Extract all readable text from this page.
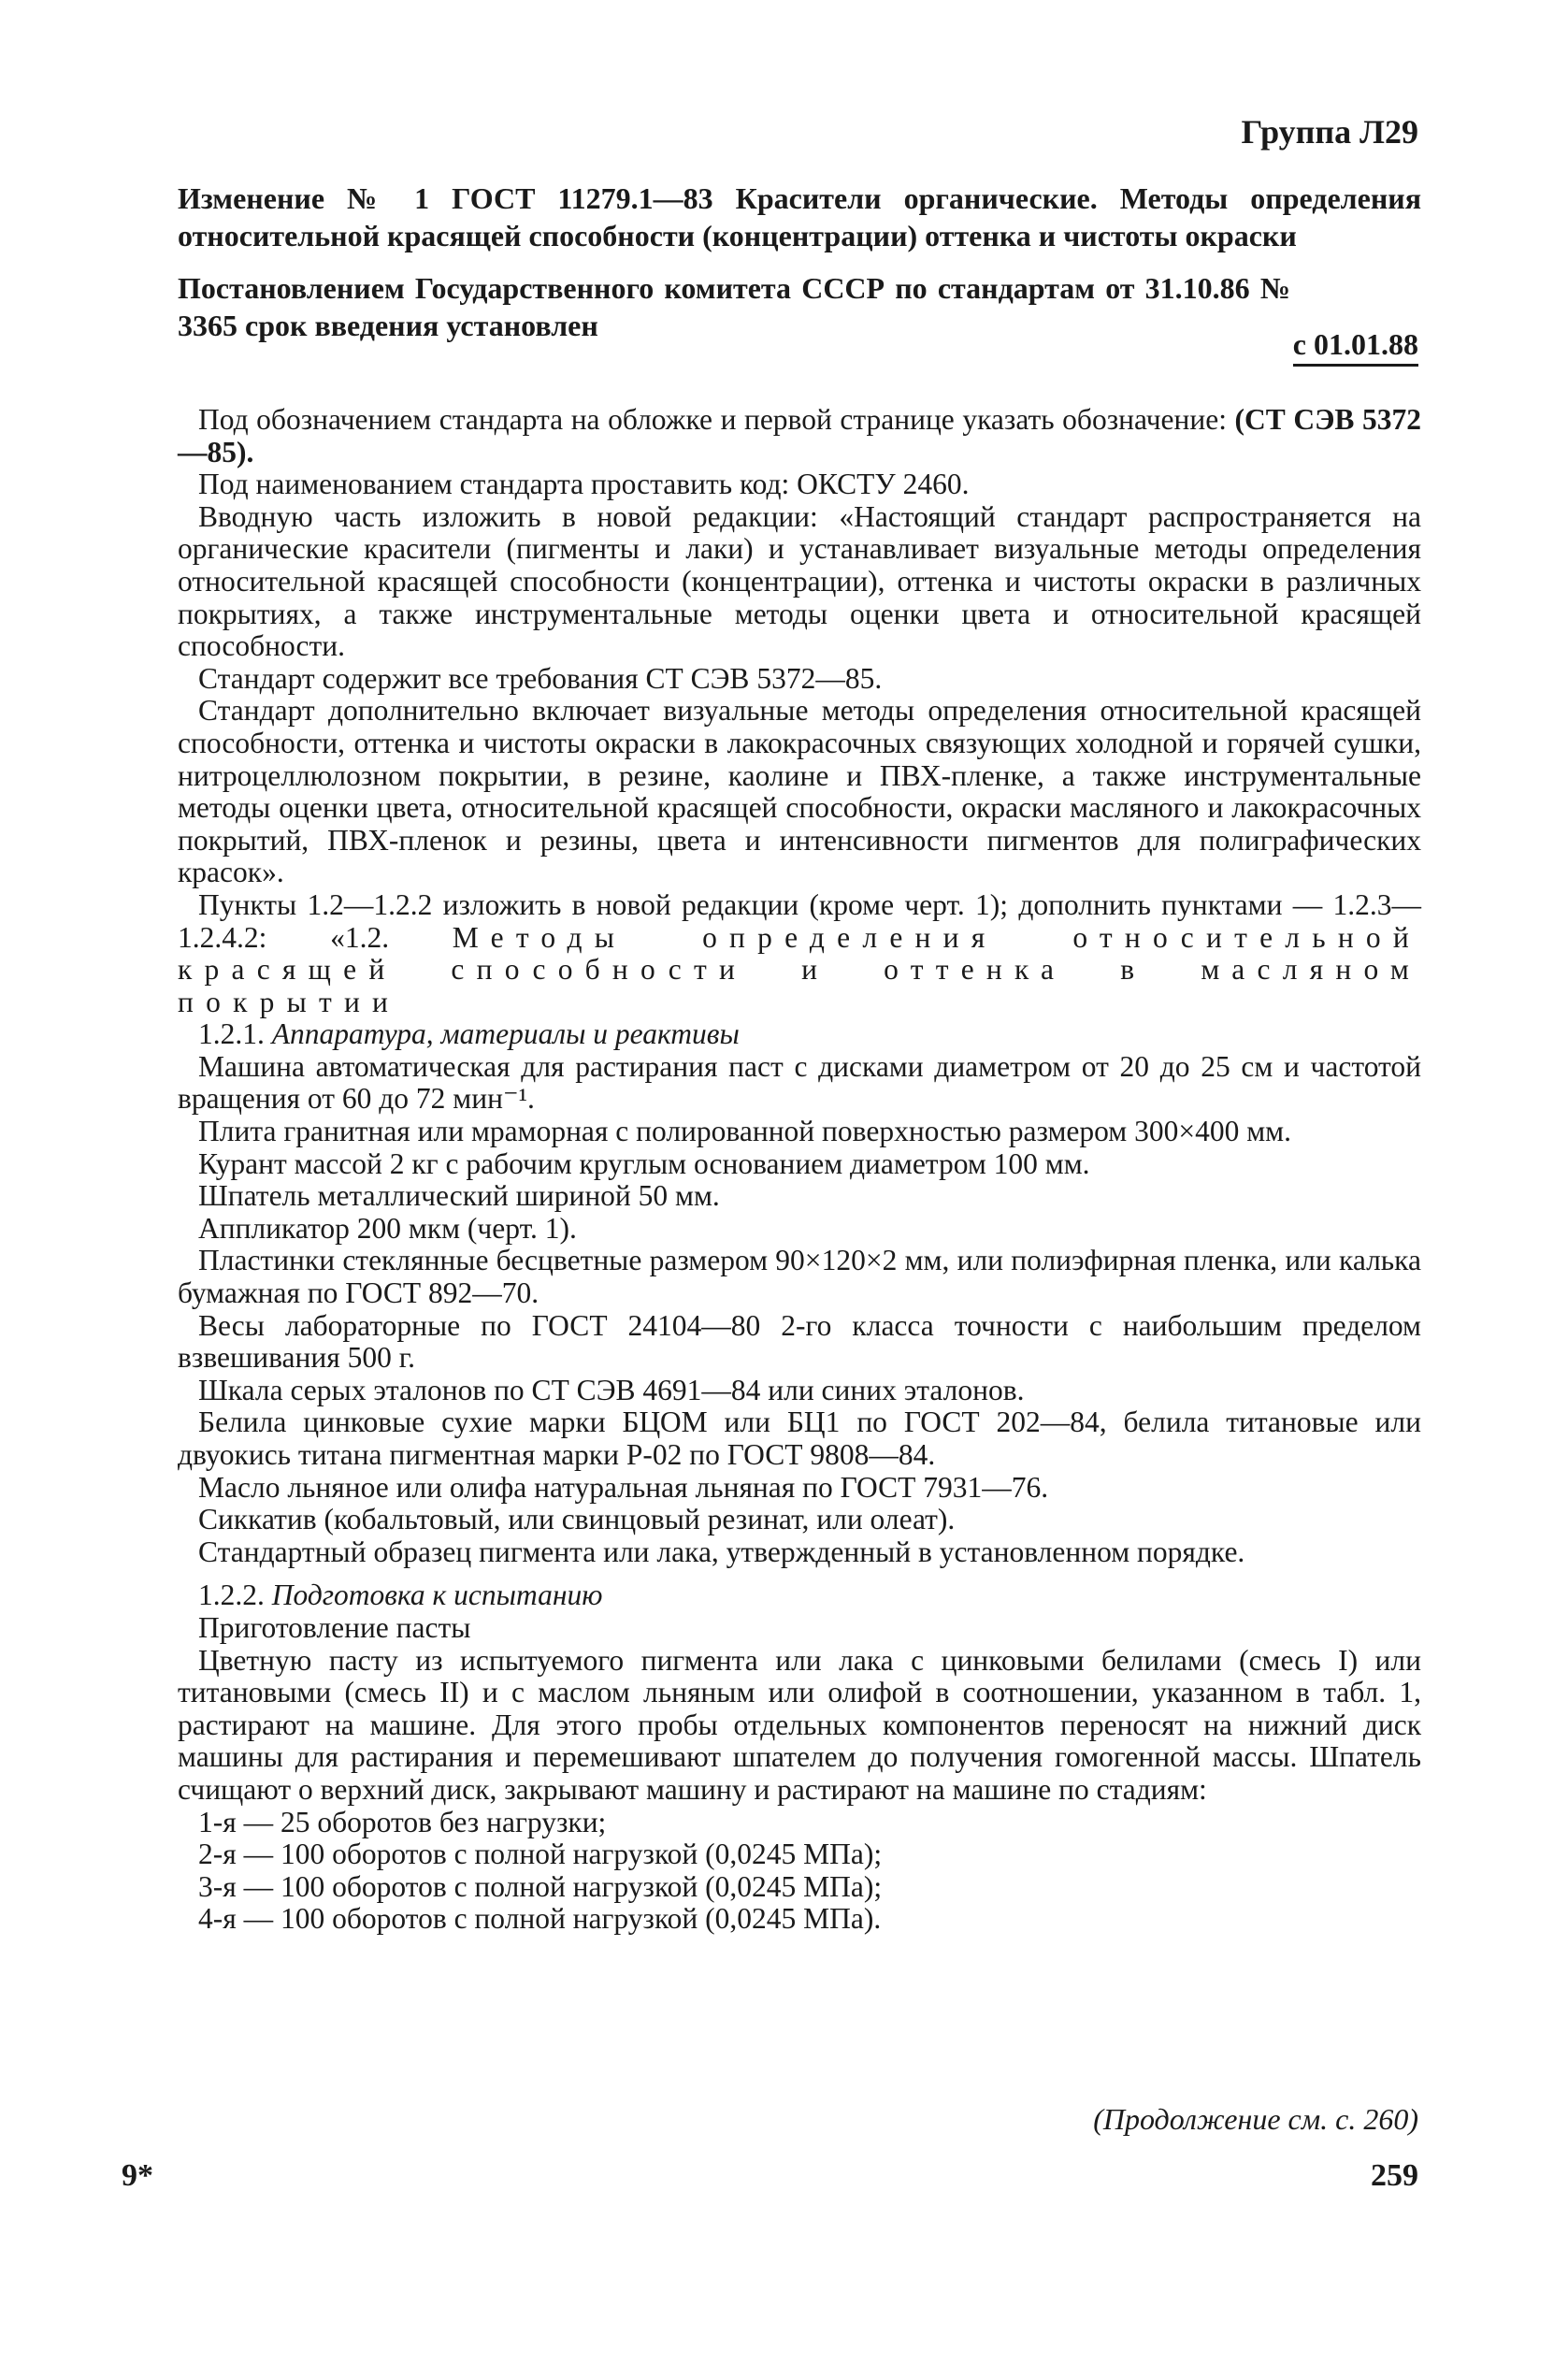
Группа Л29
Изменение № 1 ГОСТ 11279.1—83 Красители органические. Методы определения относительной красящей способности (концентрации) оттенка и чистоты окраски
Постановлением Государственного комитета СССР по стандартам от 31.10.86 № 3365 срок введения установлен
с 01.01.88

Под обозначением стандарта на обложке и первой странице указать обозначение: (СТ СЭВ 5372—85).

Под наименованием стандарта проставить код: ОКСТУ 2460.

Вводную часть изложить в новой редакции: «Настоящий стандарт распространяется на органические красители (пигменты и лаки) и устанавливает визуальные методы определения относительной красящей способности (концентрации), оттенка и чистоты окраски в различных покрытиях, а также инструментальные методы оценки цвета и относительной красящей способности.

Стандарт содержит все требования СТ СЭВ 5372—85.

Стандарт дополнительно включает визуальные методы определения относительной красящей способности, оттенка и чистоты окраски в лакокрасочных связующих холодной и горячей сушки, нитроцеллюлозном покрытии, в резине, каолине и ПВХ-пленке, а также инструментальные методы оценки цвета, относительной красящей способности, окраски масляного и лакокрасочных покрытий, ПВХ-пленок и резины, цвета и интенсивности пигментов для полиграфических красок».

Пункты 1.2—1.2.2 изложить в новой редакции (кроме черт. 1); дополнить пунктами — 1.2.3—1.2.4.2: «1.2. Методы определения относительной красящей способности и оттенка в масляном покрытии

1.2.1. Аппаратура, материалы и реактивы

Машина автоматическая для растирания паст с дисками диаметром от 20 до 25 см и частотой вращения от 60 до 72 мин⁻¹.

Плита гранитная или мраморная с полированной поверхностью размером 300×400 мм.

Курант массой 2 кг с рабочим круглым основанием диаметром 100 мм.

Шпатель металлический шириной 50 мм.

Аппликатор 200 мкм (черт. 1).

Пластинки стеклянные бесцветные размером 90×120×2 мм, или полиэфирная пленка, или калька бумажная по ГОСТ 892—70.

Весы лабораторные по ГОСТ 24104—80 2-го класса точности с наибольшим пределом взвешивания 500 г.

Шкала серых эталонов по СТ СЭВ 4691—84 или синих эталонов.

Белила цинковые сухие марки БЦОМ или БЦ1 по ГОСТ 202—84, белила титановые или двуокись титана пигментная марки Р-02 по ГОСТ 9808—84.

Масло льняное или олифа натуральная льняная по ГОСТ 7931—76.

Сиккатив (кобальтовый, или свинцовый резинат, или олеат).

Стандартный образец пигмента или лака, утвержденный в установленном порядке.

1.2.2. Подготовка к испытанию

Приготовление пасты

Цветную пасту из испытуемого пигмента или лака с цинковыми белилами (смесь I) или титановыми (смесь II) и с маслом льняным или олифой в соотношении, указанном в табл. 1, растирают на машине. Для этого пробы отдельных компонентов переносят на нижний диск машины для растирания и перемешивают шпателем до получения гомогенной массы. Шпатель счищают о верхний диск, закрывают машину и растирают на машине по стадиям:

1-я — 25 оборотов без нагрузки;

2-я — 100 оборотов с полной нагрузкой (0,0245 МПа);

3-я — 100 оборотов с полной нагрузкой (0,0245 МПа);

4-я — 100 оборотов с полной нагрузкой (0,0245 МПа).

(Продолжение см. с. 260)
9*	259
